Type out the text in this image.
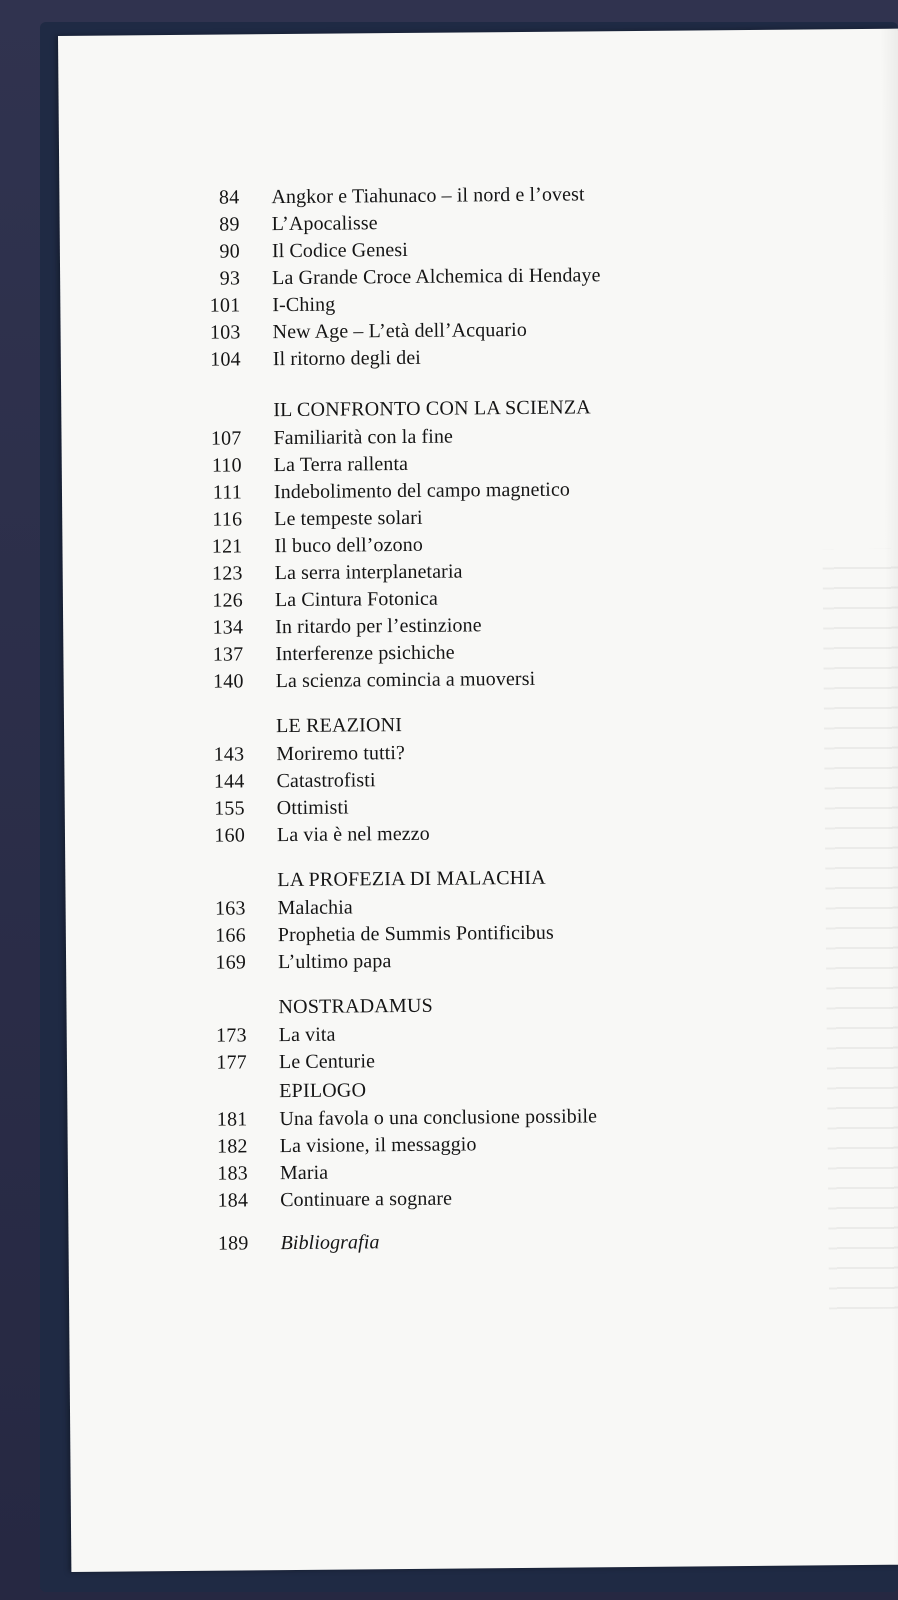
84 Angkor e Tiahunaco – il nord e l’ovest
89 L’Apocalisse
90 Il Codice Genesi
93 La Grande Croce Alchemica di Hendaye
101 I-Ching
103 New Age – L’età dell’Acquario
104 Il ritorno degli dei
IL CONFRONTO CON LA SCIENZA
107 Familiarità con la fine
110 La Terra rallenta
111 Indebolimento del campo magnetico
116 Le tempeste solari
121 Il buco dell’ozono
123 La serra interplanetaria
126 La Cintura Fotonica
134 In ritardo per l’estinzione
137 Interferenze psichiche
140 La scienza comincia a muoversi
LE REAZIONI
143 Moriremo tutti?
144 Catastrofisti
155 Ottimisti
160 La via è nel mezzo
LA PROFEZIA DI MALACHIA
163 Malachia
166 Prophetia de Summis Pontificibus
169 L’ultimo papa
NOSTRADAMUS
173 La vita
177 Le Centurie
EPILOGO
181 Una favola o una conclusione possibile
182 La visione, il messaggio
183 Maria
184 Continuare a sognare
189 Bibliografia
